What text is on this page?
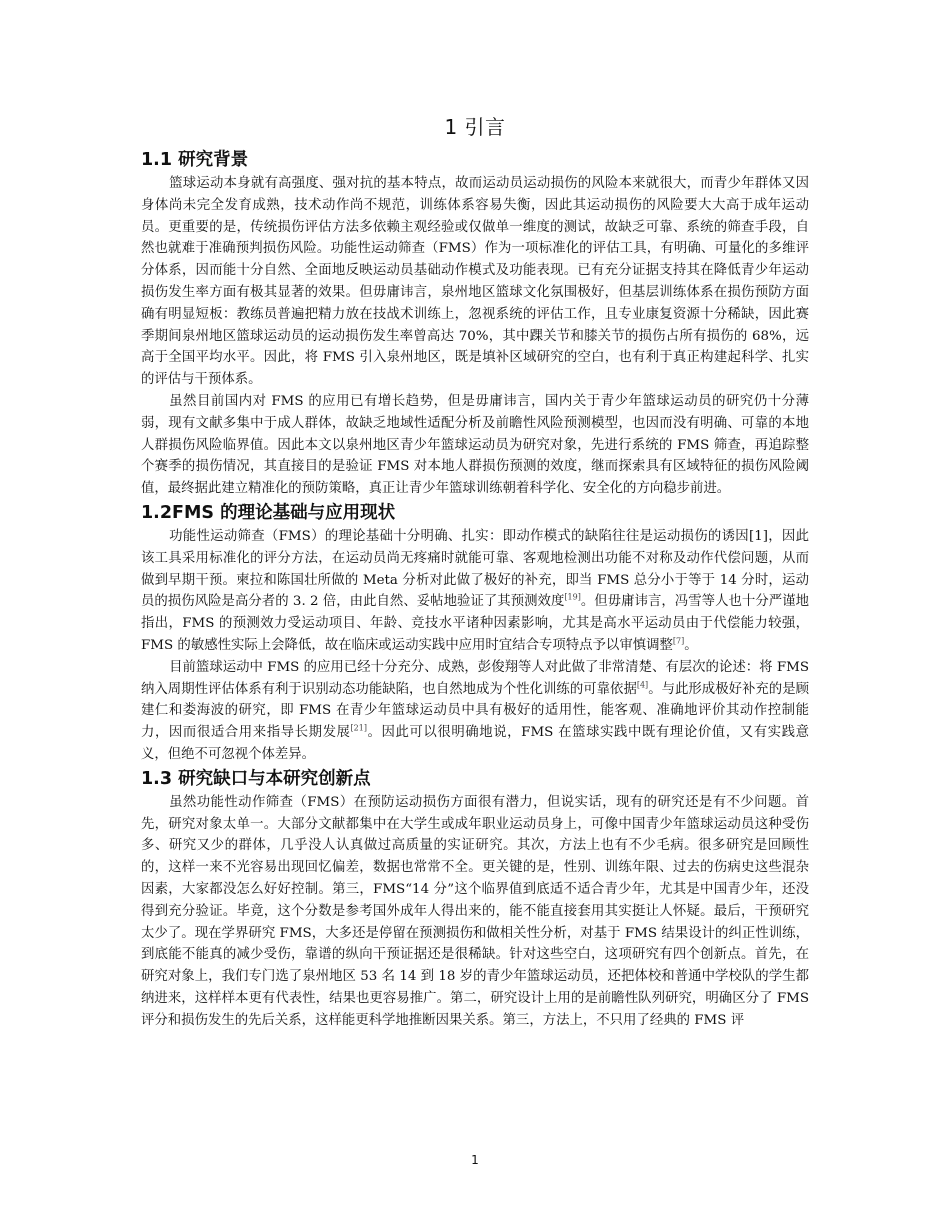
1 引言
1.1 研究背景

篮球运动本身就有高强度、强对抗的基本特点，故而运动员运动损伤的风险本来就很大，而青少年群体又因身体尚未完全发育成熟，技术动作尚不规范，训练体系容易失衡，因此其运动损伤的风险要大大高于成年运动员。更重要的是，传统损伤评估方法多依赖主观经验或仅做单一维度的测试，故缺乏可靠、系统的筛查手段，自然也就难于准确预判损伤风险。功能性运动筛查（FMS）作为一项标准化的评估工具，有明确、可量化的多维评分体系，因而能十分自然、全面地反映运动员基础动作模式及功能表现。已有充分证据支持其在降低青少年运动损伤发生率方面有极其显著的效果。但毋庸讳言，泉州地区篮球文化氛围极好，但基层训练体系在损伤预防方面确有明显短板：教练员普遍把精力放在技战术训练上，忽视系统的评估工作，且专业康复资源十分稀缺，因此赛季期间泉州地区篮球运动员的运动损伤发生率曾高达 70%，其中踝关节和膝关节的损伤占所有损伤的 68%，远高于全国平均水平。因此，将 FMS 引入泉州地区，既是填补区域研究的空白，也有利于真正构建起科学、扎实的评估与干预体系。

虽然目前国内对 FMS 的应用已有增长趋势，但是毋庸讳言，国内关于青少年篮球运动员的研究仍十分薄弱，现有文献多集中于成人群体，故缺乏地域性适配分析及前瞻性风险预测模型，也因而没有明确、可靠的本地人群损伤风险临界值。因此本文以泉州地区青少年篮球运动员为研究对象，先进行系统的 FMS 筛查，再追踪整个赛季的损伤情况，其直接目的是验证 FMS 对本地人群损伤预测的效度，继而探索具有区域特征的损伤风险阈值，最终据此建立精准化的预防策略，真正让青少年篮球训练朝着科学化、安全化的方向稳步前进。

1.2FMS 的理论基础与应用现状

功能性运动筛查（FMS）的理论基础十分明确、扎实：即动作模式的缺陷往往是运动损伤的诱因[1]，因此该工具采用标准化的评分方法，在运动员尚无疼痛时就能可靠、客观地检测出功能不对称及动作代偿问题，从而做到早期干预。柬拉和陈国壮所做的 Meta 分析对此做了极好的补充，即当 FMS 总分小于等于 14 分时，运动员的损伤风险是高分者的 3. 2 倍，由此自然、妥帖地验证了其预测效度[19]。但毋庸讳言，冯雪等人也十分严谨地指出，FMS 的预测效力受运动项目、年龄、竞技水平诸种因素影响，尤其是高水平运动员由于代偿能力较强，FMS 的敏感性实际上会降低，故在临床或运动实践中应用时宜结合专项特点予以审慎调整[7]。

目前篮球运动中 FMS 的应用已经十分充分、成熟，彭俊翔等人对此做了非常清楚、有层次的论述：将 FMS 纳入周期性评估体系有利于识别动态功能缺陷，也自然地成为个性化训练的可靠依据[4]。与此形成极好补充的是顾建仁和娄海波的研究，即 FMS 在青少年篮球运动员中具有极好的适用性，能客观、准确地评价其动作控制能力，因而很适合用来指导长期发展[21]。因此可以很明确地说，FMS 在篮球实践中既有理论价值，又有实践意义，但绝不可忽视个体差异。

1.3 研究缺口与本研究创新点

虽然功能性动作筛查（FMS）在预防运动损伤方面很有潜力，但说实话，现有的研究还是有不少问题。首先，研究对象太单一。大部分文献都集中在大学生或成年职业运动员身上，可像中国青少年篮球运动员这种受伤多、研究又少的群体，几乎没人认真做过高质量的实证研究。其次，方法上也有不少毛病。很多研究是回顾性的，这样一来不光容易出现回忆偏差，数据也常常不全。更关键的是，性别、训练年限、过去的伤病史这些混杂因素，大家都没怎么好好控制。第三，FMS“14 分”这个临界值到底适不适合青少年，尤其是中国青少年，还没得到充分验证。毕竟，这个分数是参考国外成年人得出来的，能不能直接套用其实挺让人怀疑。最后，干预研究太少了。现在学界研究 FMS，大多还是停留在预测损伤和做相关性分析，对基于 FMS 结果设计的纠正性训练，到底能不能真的减少受伤，靠谱的纵向干预证据还是很稀缺。针对这些空白，这项研究有四个创新点。首先，在研究对象上，我们专门选了泉州地区 53 名 14 到 18 岁的青少年篮球运动员，还把体校和普通中学校队的学生都纳进来，这样样本更有代表性，结果也更容易推广。第二，研究设计上用的是前瞻性队列研究，明确区分了 FMS 评分和损伤发生的先后关系，这样能更科学地推断因果关系。第三，方法上，不只用了经典的 FMS 评

1
